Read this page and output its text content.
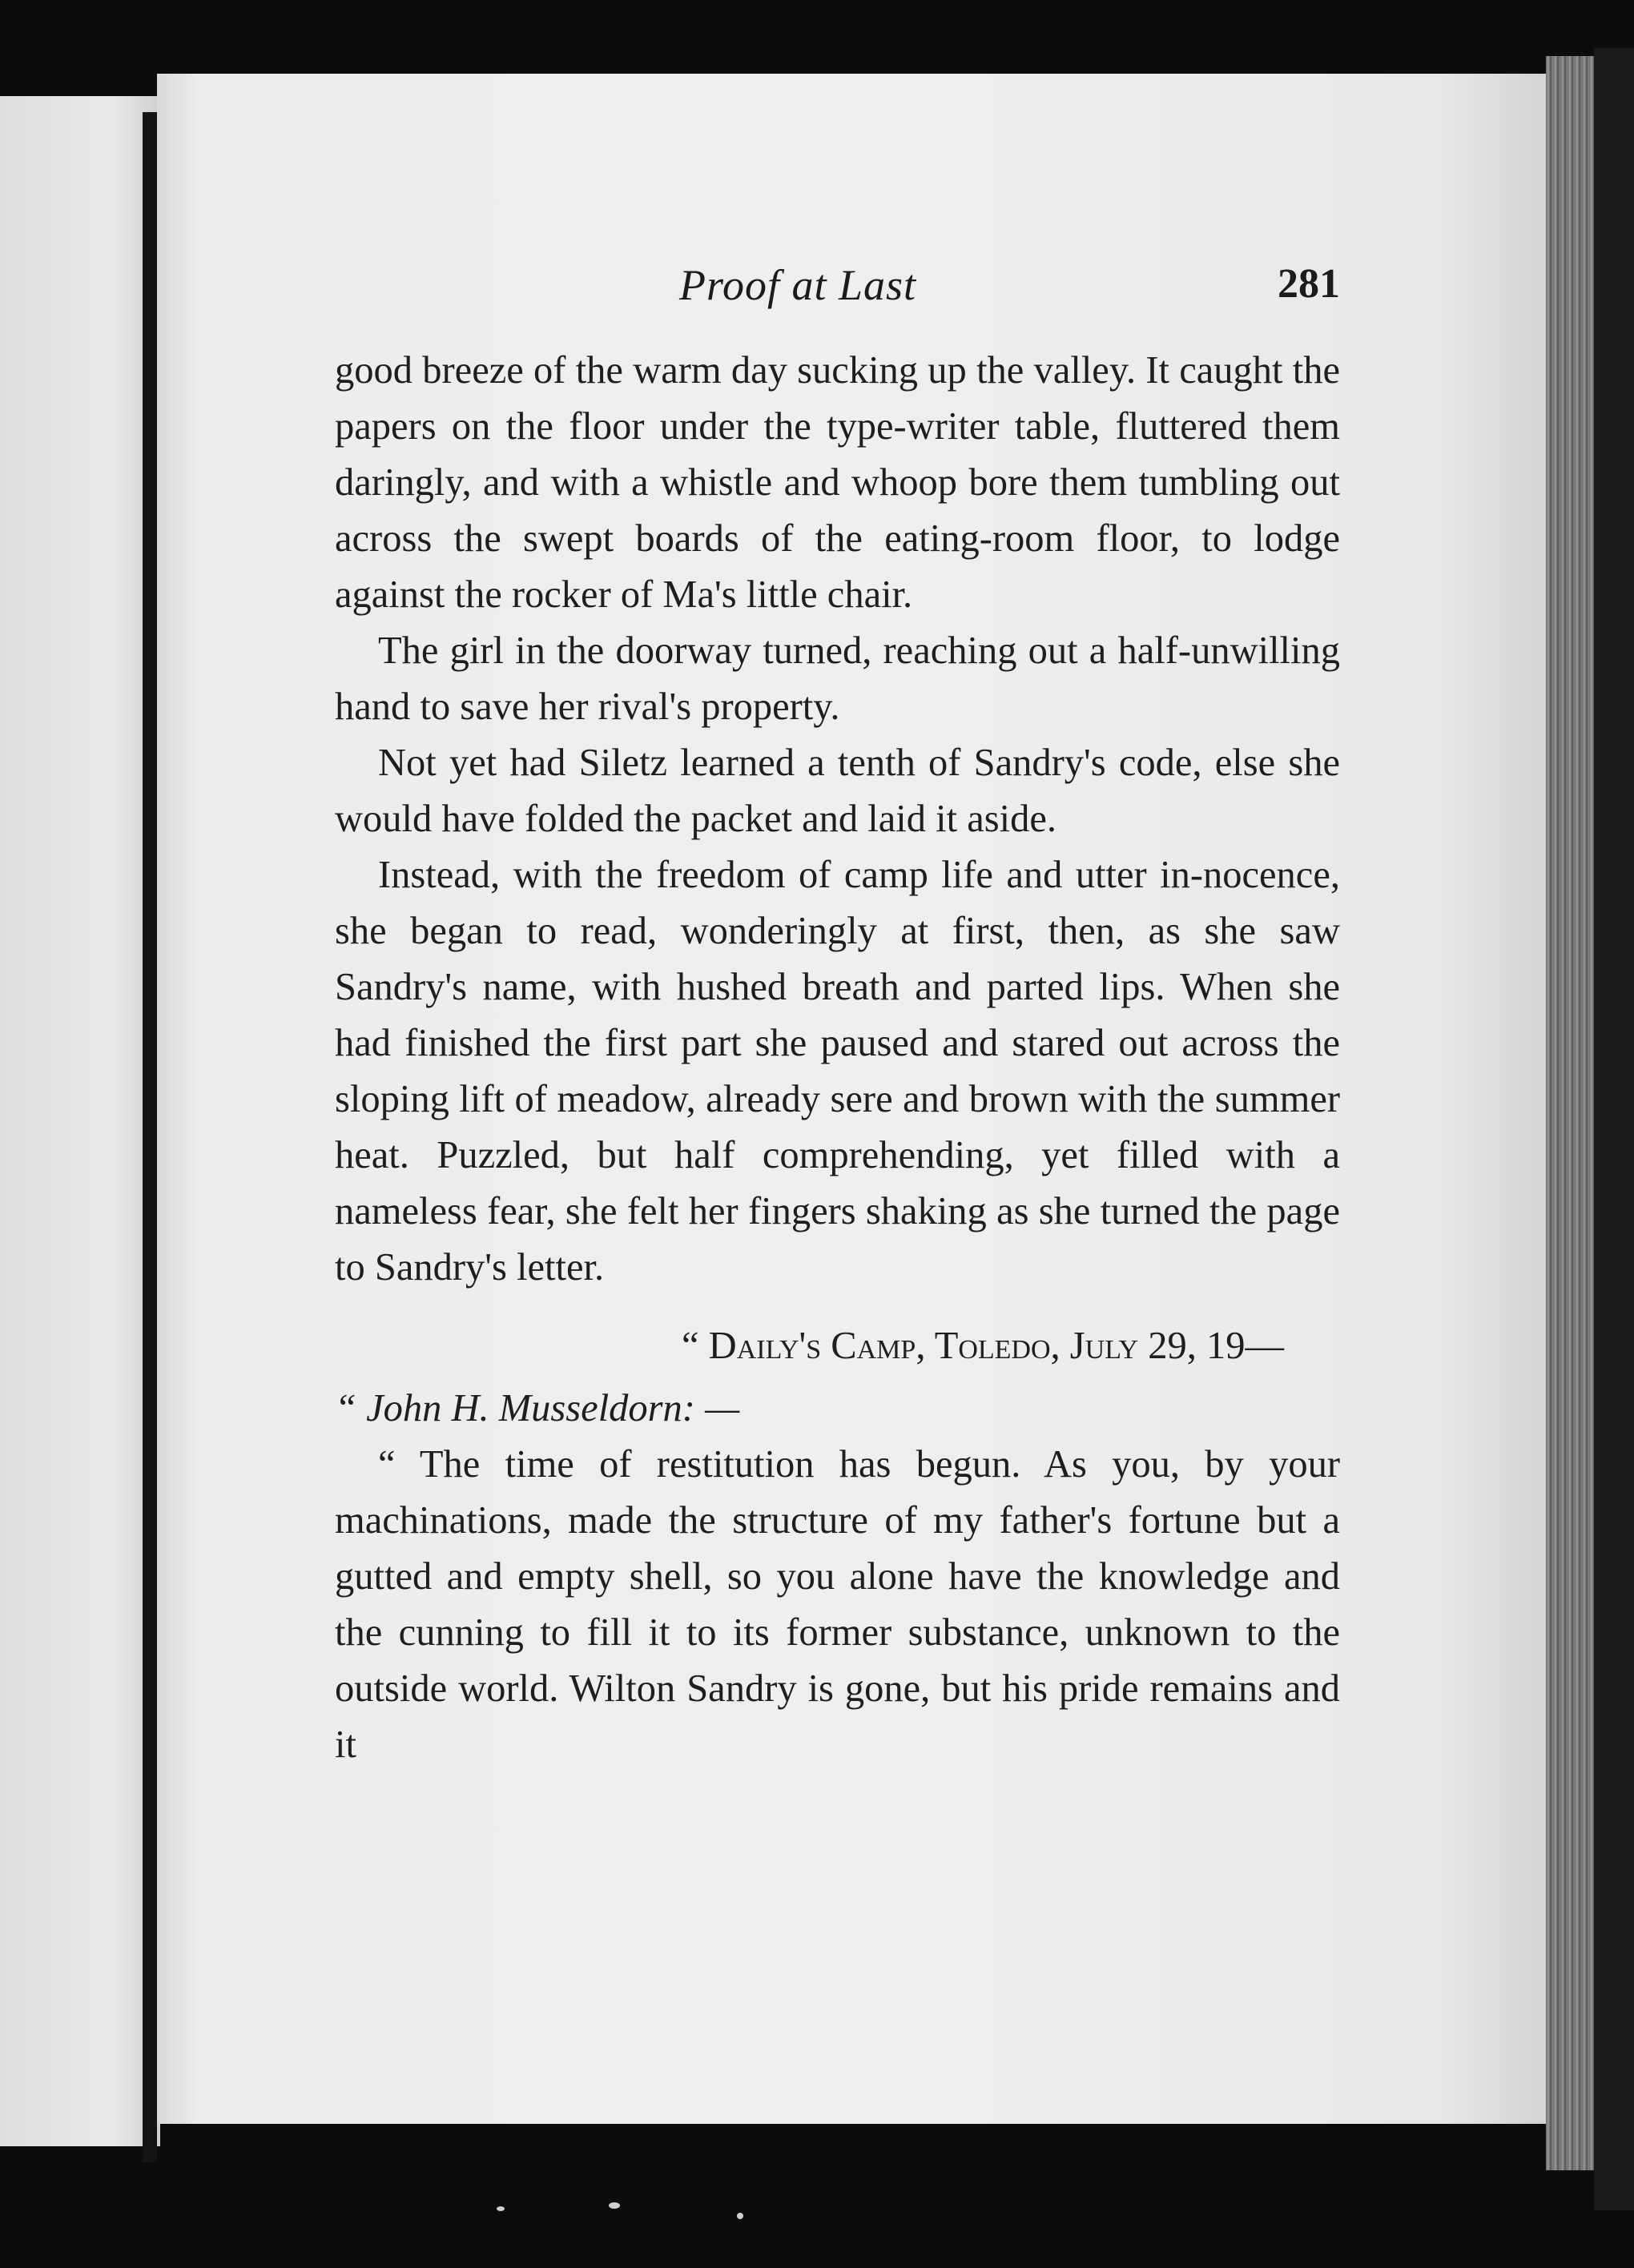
Proof at Last	281

good breeze of the warm day sucking up the valley. It caught the papers on the floor under the type-writer table, fluttered them daringly, and with a whistle and whoop bore them tumbling out across the swept boards of the eating-room floor, to lodge against the rocker of Ma's little chair.

The girl in the doorway turned, reaching out a half-unwilling hand to save her rival's property.

Not yet had Siletz learned a tenth of Sandry's code, else she would have folded the packet and laid it aside.

Instead, with the freedom of camp life and utter in-nocence, she began to read, wonderingly at first, then, as she saw Sandry's name, with hushed breath and parted lips. When she had finished the first part she paused and stared out across the sloping lift of meadow, already sere and brown with the summer heat. Puzzled, but half comprehending, yet filled with a nameless fear, she felt her fingers shaking as she turned the page to Sandry's letter.

“ Daily's Camp, Toledo, July 29, 19—

“ John H. Musseldorn: —

“ The time of restitution has begun. As you, by your machinations, made the structure of my father's fortune but a gutted and empty shell, so you alone have the knowledge and the cunning to fill it to its former substance, unknown to the outside world. Wilton Sandry is gone, but his pride remains and it
